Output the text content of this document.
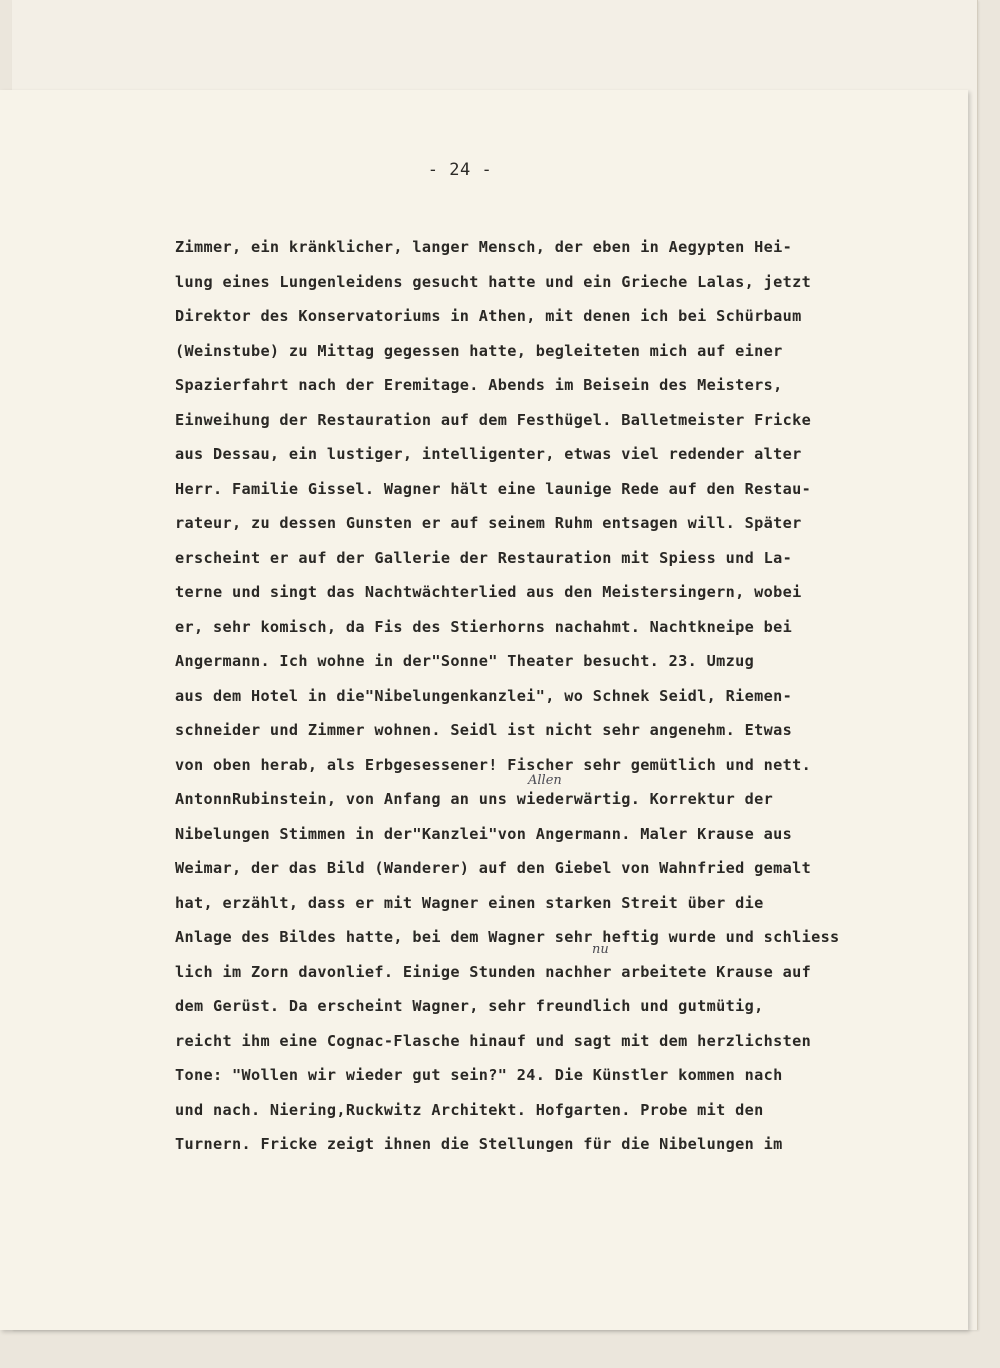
- 24 -
Zimmer, ein kränklicher, langer Mensch, der eben in Aegypten Hei-
lung eines Lungenleidens gesucht hatte und ein Grieche Lalas, jetzt
Direktor des Konservatoriums in Athen, mit denen ich bei Schürbaum
(Weinstube) zu Mittag gegessen hatte, begleiteten mich auf einer
Spazierfahrt nach der Eremitage. Abends im Beisein des Meisters,
Einweihung der Restauration auf dem Festhügel. Balletmeister Fricke
aus Dessau, ein lustiger, intelligenter, etwas viel redender alter
Herr. Familie Gissel. Wagner hält eine launige Rede auf den Restau-
rateur, zu dessen Gunsten er auf seinem Ruhm entsagen will. Später
erscheint er auf der Gallerie der Restauration mit Spiess und La-
terne und singt das Nachtwächterlied aus den Meistersingern, wobei
er, sehr komisch, da Fis des Stierhorns nachahmt. Nachtkneipe bei
Angermann. Ich wohne in der"Sonne" Theater besucht. 23. Umzug
aus dem Hotel in die"Nibelungenkanzlei", wo Schnek Seidl, Riemen-
schneider und Zimmer wohnen. Seidl ist nicht sehr angenehm. Etwas
von oben herab, als Erbgesessener! Fischer sehr gemütlich und nett.
AntonnRubinstein, von Anfang an uns wiederwärtig. Korrektur der
Nibelungen Stimmen in der"Kanzlei"von Angermann. Maler Krause aus
Weimar, der das Bild (Wanderer) auf den Giebel von Wahnfried gemalt
hat, erzählt, dass er mit Wagner einen starken Streit über die
Anlage des Bildes hatte, bei dem Wagner sehr heftig wurde und schliess
lich im Zorn davonlief. Einige Stunden nachher arbeitete Krause auf
dem Gerüst. Da erscheint Wagner, sehr freundlich und gutmütig,
reicht ihm eine Cognac-Flasche hinauf und sagt mit dem herzlichsten
Tone: "Wollen wir wieder gut sein?" 24. Die Künstler kommen nach
und nach. Niering,Ruckwitz Architekt. Hofgarten. Probe mit den
Turnern. Fricke zeigt ihnen die Stellungen für die Nibelungen im
Allen
nu
